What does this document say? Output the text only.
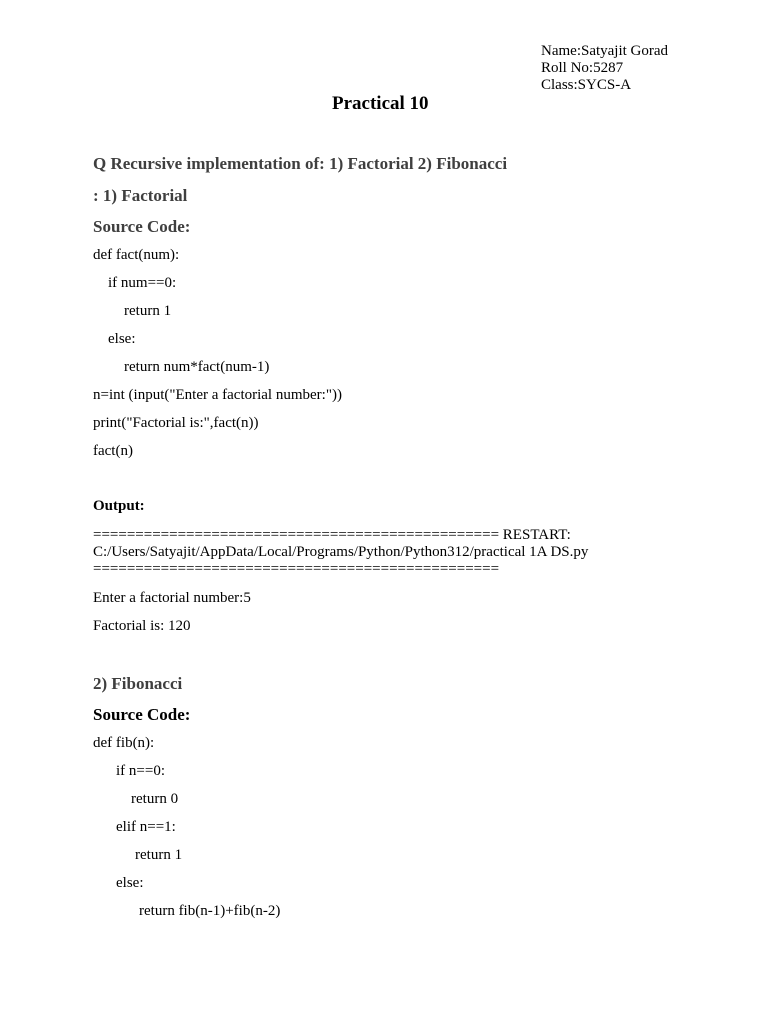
Name:Satyajit Gorad
Roll No:5287
Class:SYCS-A
Practical 10
Q Recursive implementation of: 1) Factorial 2) Fibonacci
: 1) Factorial
Source Code:
def fact(num):
if num==0:
return 1
else:
return num*fact(num-1)
n=int (input("Enter a factorial number:"))
print("Factorial is:",fact(n))
fact(n)
Output:
================================================ RESTART:
C:/Users/Satyajit/AppData/Local/Programs/Python/Python312/practical 1A DS.py
================================================
Enter a factorial number:5
Factorial is: 120
2) Fibonacci
Source Code:
def fib(n):
if n==0:
return 0
elif n==1:
return 1
else:
return fib(n-1)+fib(n-2)
